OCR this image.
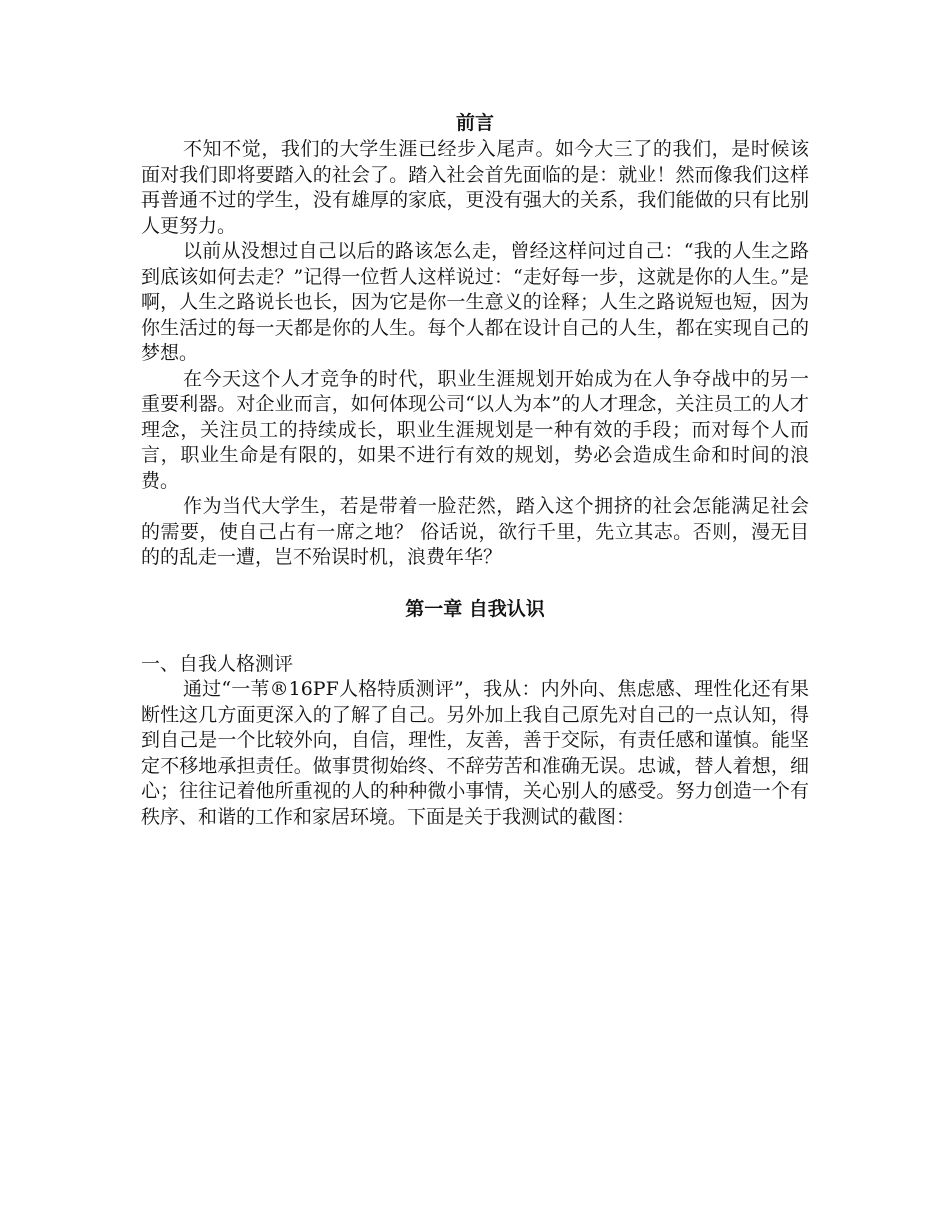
前言

不知不觉，我们的大学生涯已经步入尾声。如今大三了的我们，是时候该面对我们即将要踏入的社会了。踏入社会首先面临的是：就业！然而像我们这样再普通不过的学生，没有雄厚的家底，更没有强大的关系，我们能做的只有比别人更努力。

以前从没想过自己以后的路该怎么走，曾经这样问过自己：“我的人生之路到底该如何去走？”记得一位哲人这样说过：“走好每一步，这就是你的人生。”是啊，人生之路说长也长，因为它是你一生意义的诠释；人生之路说短也短，因为你生活过的每一天都是你的人生。每个人都在设计自己的人生，都在实现自己的梦想。

在今天这个人才竞争的时代，职业生涯规划开始成为在人争夺战中的另一重要利器。对企业而言，如何体现公司“以人为本”的人才理念，关注员工的人才理念，关注员工的持续成长，职业生涯规划是一种有效的手段；而对每个人而言，职业生命是有限的，如果不进行有效的规划，势必会造成生命和时间的浪费。

作为当代大学生，若是带着一脸茫然，踏入这个拥挤的社会怎能满足社会的需要，使自己占有一席之地？ 俗话说，欲行千里，先立其志。否则，漫无目的的乱走一遭，岂不殆误时机，浪费年华？

第一章 自我认识
一、自我人格测评

通过“一苇®16PF人格特质测评”，我从：内外向、焦虑感、理性化还有果断性这几方面更深入的了解了自己。另外加上我自己原先对自己的一点认知，得到自己是一个比较外向，自信，理性，友善，善于交际，有责任感和谨慎。能坚定不移地承担责任。做事贯彻始终、不辞劳苦和准确无误。忠诚，替人着想，细心；往往记着他所重视的人的种种微小事情，关心别人的感受。努力创造一个有秩序、和谐的工作和家居环境。下面是关于我测试的截图：
